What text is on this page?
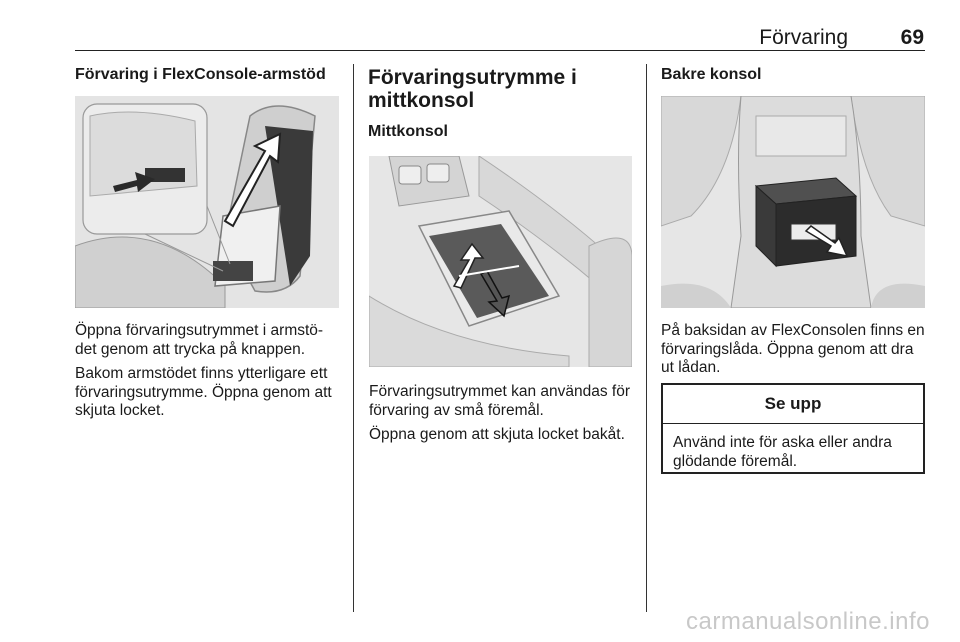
Förvaring	69

Förvaring i FlexConsole-armstöd

Öppna förvaringsutrymmet i armstö-det genom att trycka på knappen.

Bakom armstödet finns ytterligare ett förvaringsutrymme. Öppna genom att skjuta locket.

Förvaringsutrymme i mittkonsol

Mittkonsol

Förvaringsutrymmet kan användas för förvaring av små föremål.

Öppna genom att skjuta locket bakåt.

Bakre konsol

På baksidan av FlexConsolen finns en förvaringslåda. Öppna genom att dra ut lådan.

Se upp
Använd inte för aska eller andra glödande föremål.
carmanualsonline.info
